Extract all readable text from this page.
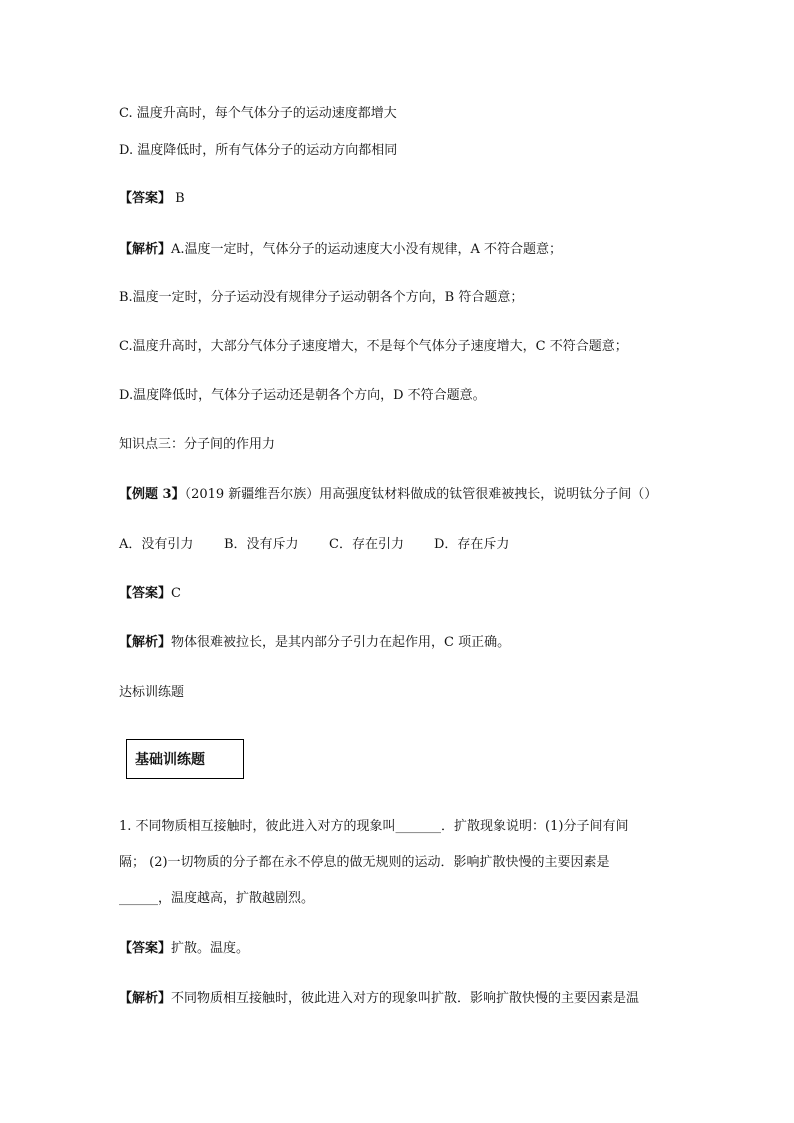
C. 温度升高时，每个气体分子的运动速度都增大
D. 温度降低时，所有气体分子的运动方向都相同
【答案】 B
【解析】A.温度一定时，气体分子的运动速度大小没有规律，A 不符合题意；
B.温度一定时，分子运动没有规律分子运动朝各个方向，B 符合题意；
C.温度升高时，大部分气体分子速度增大，不是每个气体分子速度增大，C 不符合题意；
D.温度降低时，气体分子运动还是朝各个方向，D 不符合题意。
知识点三：分子间的作用力
【例题 3】（2019 新疆维吾尔族）用高强度钛材料做成的钛管很难被拽长，说明钛分子间（）
A．没有引力 B．没有斥力 C．存在引力 D．存在斥力
【答案】C
【解析】物体很难被拉长，是其内部分子引力在起作用，C 项正确。
达标训练题
基础训练题
1. 不同物质相互接触时，彼此进入对方的现象叫_______．扩散现象说明：(1)分子间有间
隔； (2)一切物质的分子都在永不停息的做无规则的运动．影响扩散快慢的主要因素是
______，温度越高，扩散越剧烈。
【答案】扩散。温度。
【解析】不同物质相互接触时，彼此进入对方的现象叫扩散．影响扩散快慢的主要因素是温
